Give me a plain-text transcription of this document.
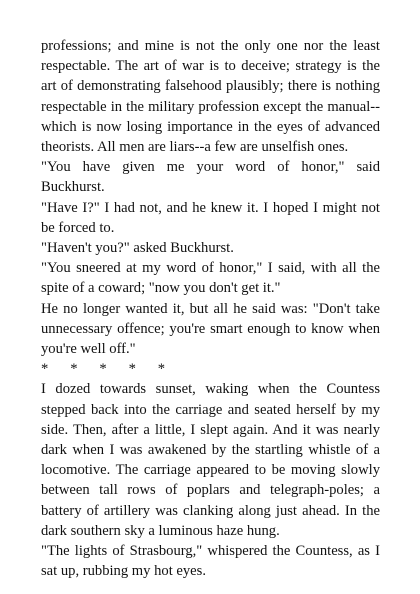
professions; and mine is not the only one nor the least respectable. The art of war is to deceive; strategy is the art of demonstrating falsehood plausibly; there is nothing respectable in the military profession except the manual--which is now losing importance in the eyes of advanced theorists. All men are liars--a few are unselfish ones.

"You have given me your word of honor," said Buckhurst.

"Have I?" I had not, and he knew it. I hoped I might not be forced to.

"Haven't you?" asked Buckhurst.

"You sneered at my word of honor," I said, with all the spite of a coward; "now you don't get it."

He no longer wanted it, but all he said was: "Don't take unnecessary offence; you're smart enough to know when you're well off."

*      *      *      *      *

I dozed towards sunset, waking when the Countess stepped back into the carriage and seated herself by my side. Then, after a little, I slept again. And it was nearly dark when I was awakened by the startling whistle of a locomotive. The carriage appeared to be moving slowly between tall rows of poplars and telegraph-poles; a battery of artillery was clanking along just ahead. In the dark southern sky a luminous haze hung.

"The lights of Strasbourg," whispered the Countess, as I sat up, rubbing my hot eyes.
